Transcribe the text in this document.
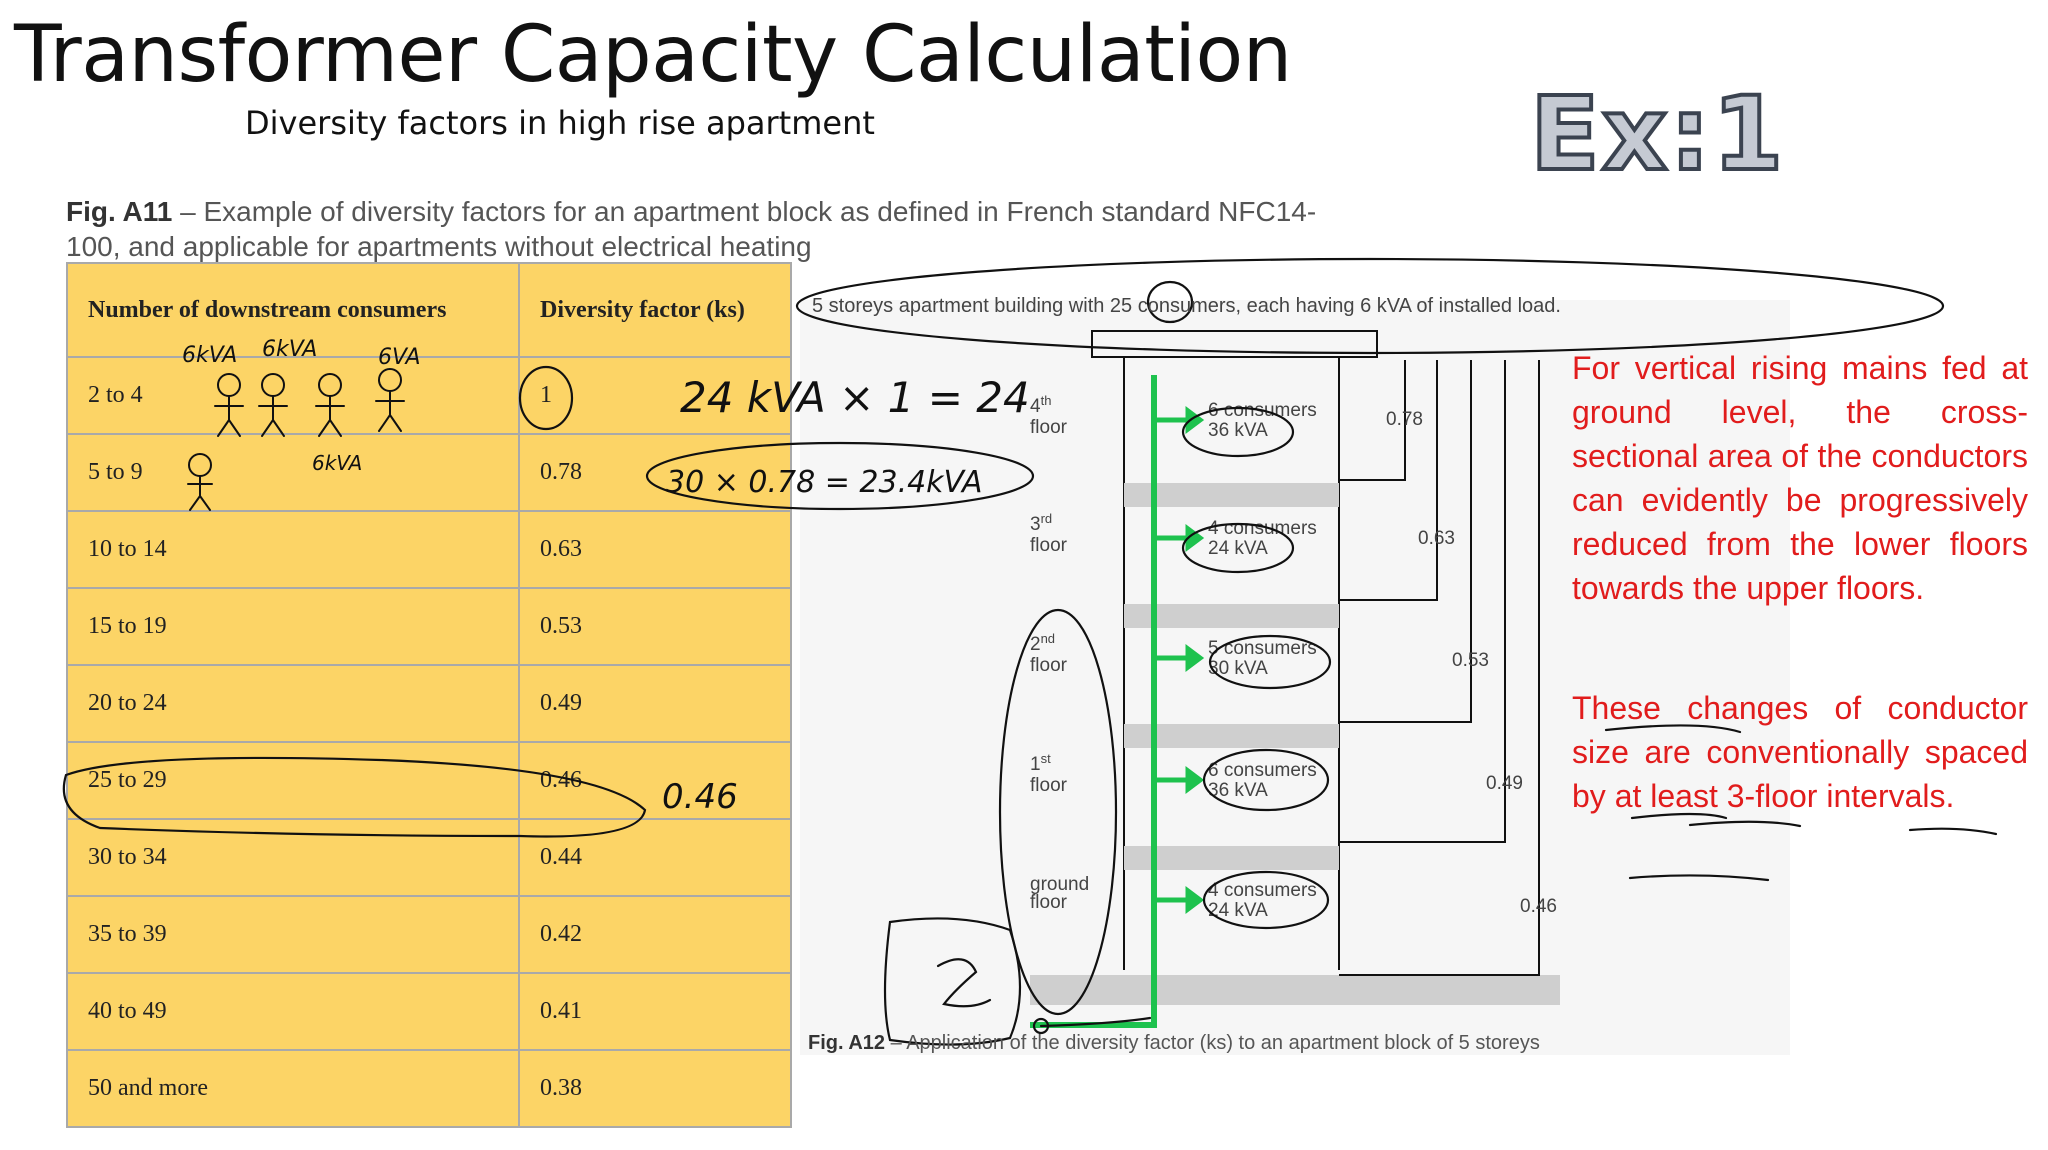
Transformer Capacity Calculation
Diversity factors in high rise apartment	Ex:1
Fig. A11 – Example of diversity factors for an apartment block as defined in French standard NFC14-100, and applicable for apartments without electrical heating
Number of downstream consumers	Diversity factor (ks)
2 to 4	1
5 to 9	0.78
10 to 14	0.63
15 to 19	0.53
20 to 24	0.49
25 to 29	0.46
30 to 34	0.44
35 to 39	0.42
40 to 49	0.41
50 and more	0.38
0.78
0.63
0.53
0.49
0.46
4th floor
3rd floor
2nd floor
1st floor
ground floor
6 consumers 36 kVA
4 consumers 24 kVA
5 consumers 30 kVA
6 consumers 36 kVA
4 consumers 24 kVA
6kVA 6kVA	6VA
6kVA
24 kVA × 1 = 24
30 × 0.78 = 23.4kVA
0.46
5 storeys apartment building with 25 consumers, each having 6 kVA of installed load.
Fig. A12 – Application of the diversity factor (ks) to an apartment block of 5 storeys
For vertical rising mains fed at ground level, the cross-sectional area of the conductors can evidently be progressively reduced from the lower floors towards the upper floors.
These changes of conductor size are conventionally spaced by at least 3-floor intervals.
